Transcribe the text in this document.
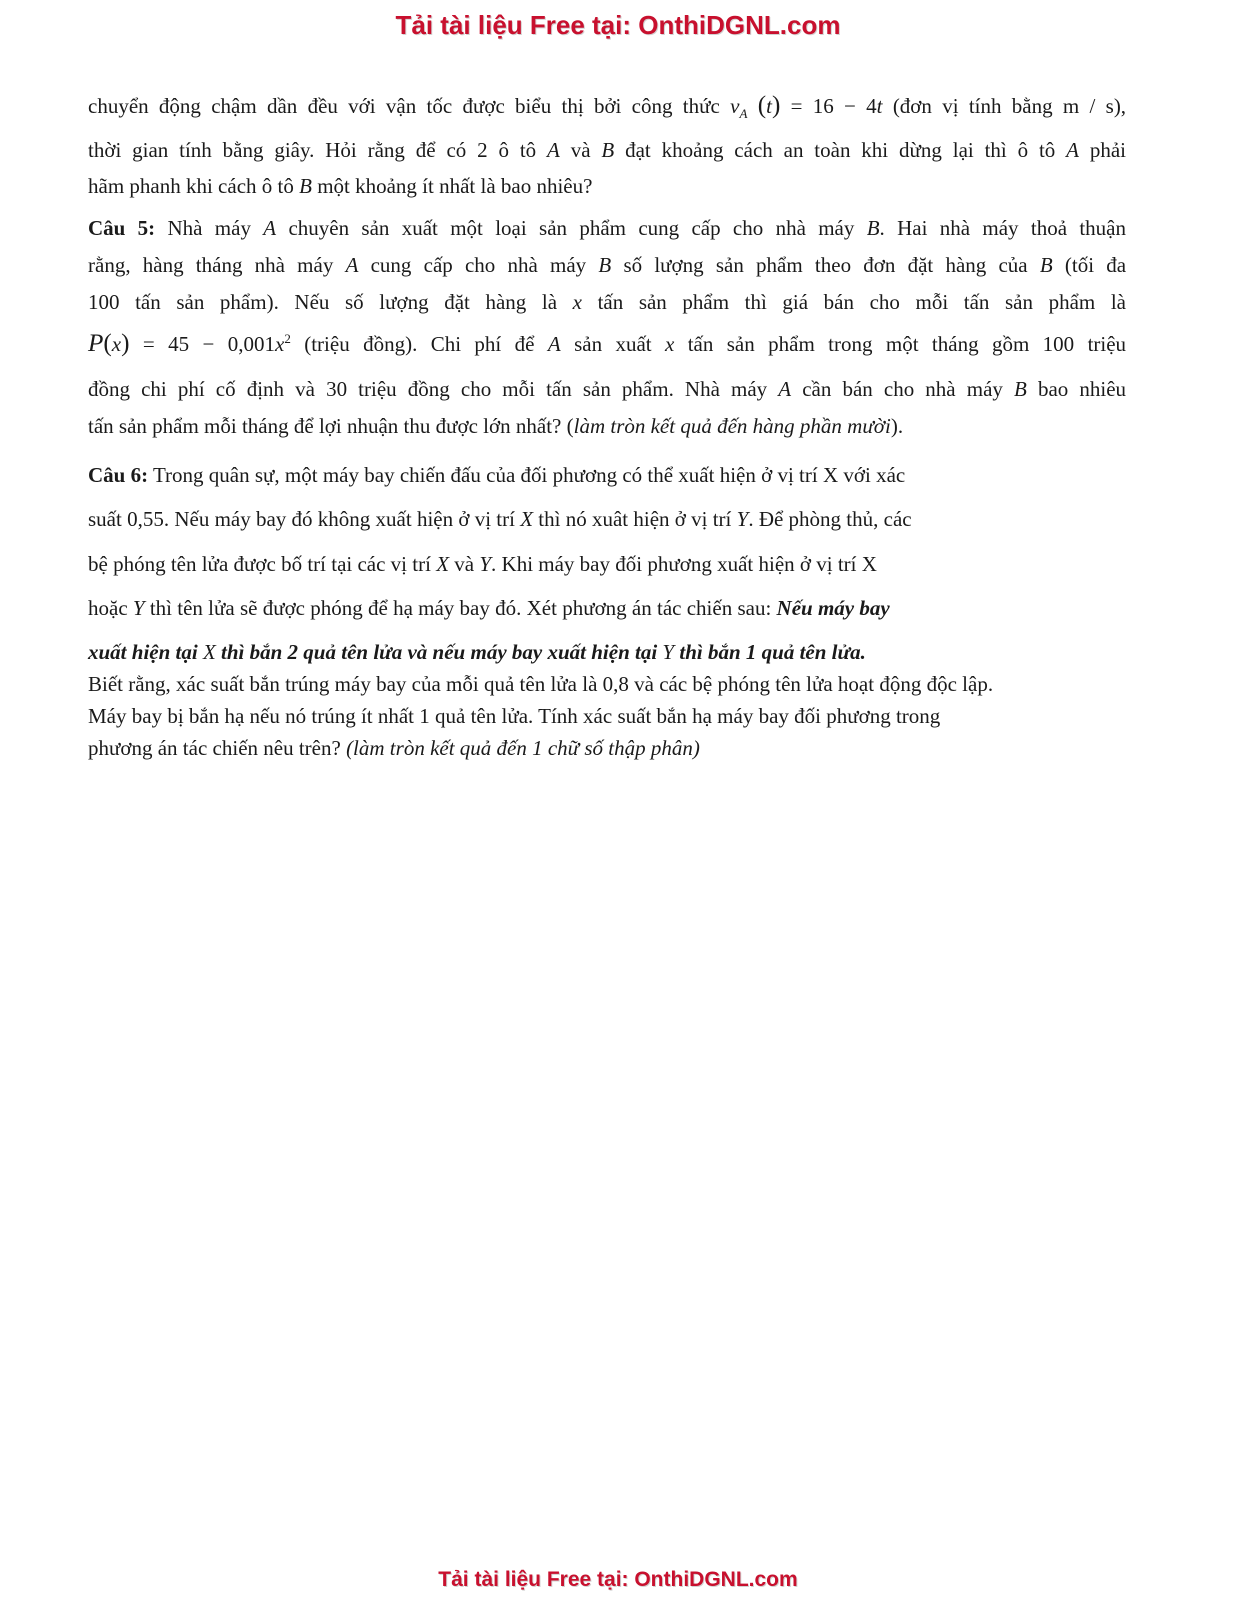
Tải tài liệu Free tại: OnthiDGNL.com
chuyển động chậm dần đều với vận tốc được biểu thị bởi công thức $v_A$ (t) = 16 − 4t (đơn vị tính bằng m / s),
thời gian tính bằng giây. Hỏi rằng để có 2 ô tô A và B đạt khoảng cách an toàn khi dừng lại thì ô tô A phải
hãm phanh khi cách ô tô B một khoảng ít nhất là bao nhiêu?
Câu 5: Nhà máy A chuyên sản xuất một loại sản phẩm cung cấp cho nhà máy B. Hai nhà máy thoả thuận
rằng, hàng tháng nhà máy A cung cấp cho nhà máy B số lượng sản phẩm theo đơn đặt hàng của B (tối đa
100 tấn sản phẩm). Nếu số lượng đặt hàng là x tấn sản phẩm thì giá bán cho mỗi tấn sản phẩm là
$P(x) = 45 - 0,001x^2$ (triệu đồng). Chi phí để A sản xuất x tấn sản phẩm trong một tháng gồm 100 triệu
đồng chi phí cố định và 30 triệu đồng cho mỗi tấn sản phẩm. Nhà máy A cần bán cho nhà máy B bao nhiêu
tấn sản phẩm mỗi tháng để lợi nhuận thu được lớn nhất? (làm tròn kết quả đến hàng phần mười).
Câu 6: Trong quân sự, một máy bay chiến đấu của đối phương có thể xuất hiện ở vị trí X với xác
suất 0,55. Nếu máy bay đó không xuất hiện ở vị trí X thì nó xuât hiện ở vị trí Y. Để phòng thủ, các
bệ phóng tên lửa được bố trí tại các vị trí X và Y. Khi máy bay đối phương xuất hiện ở vị trí X
hoặc Y thì tên lửa sẽ được phóng để hạ máy bay đó. Xét phương án tác chiến sau: Nếu máy bay
xuất hiện tại X thì bắn 2 quả tên lửa và nếu máy bay xuất hiện tại Y thì bắn 1 quả tên lửa.
Biết rằng, xác suất bắn trúng máy bay của mỗi quả tên lửa là 0,8 và các bệ phóng tên lửa hoạt động độc lập.
Máy bay bị bắn hạ nếu nó trúng ít nhất 1 quả tên lửa. Tính xác suất bắn hạ máy bay đối phương trong
phương án tác chiến nêu trên? (làm tròn kết quả đến 1 chữ số thập phân)
Tải tài liệu Free tại: OnthiDGNL.com
